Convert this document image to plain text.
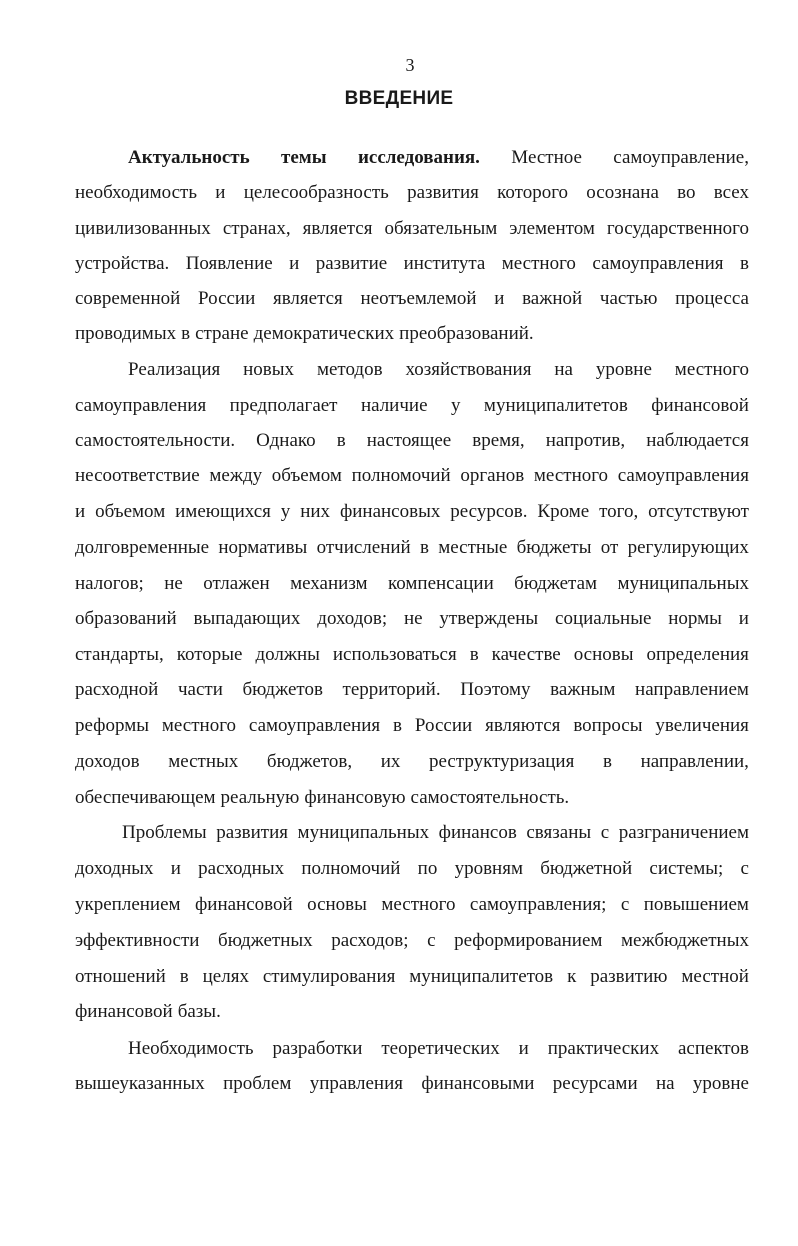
3
ВВЕДЕНИЕ
Актуальность темы исследования. Местное самоуправление,
необходимость и целесообразность развития которого осознана во всех
цивилизованных странах, является обязательным элементом государственного
устройства. Появление и развитие института местного самоуправления в
современной России является неотъемлемой и важной частью процесса
проводимых в стране демократических преобразований.
Реализация новых методов хозяйствования на уровне местного
самоуправления предполагает наличие у муниципалитетов финансовой
самостоятельности. Однако в настоящее время, напротив, наблюдается
несоответствие между объемом полномочий органов местного самоуправления
и объемом имеющихся у них финансовых ресурсов. Кроме того, отсутствуют
долговременные нормативы отчислений в местные бюджеты от регулирующих
налогов; не отлажен механизм компенсации бюджетам муниципальных
образований выпадающих доходов; не утверждены социальные нормы и
стандарты, которые должны использоваться в качестве основы определения
расходной части бюджетов территорий. Поэтому важным направлением
реформы местного самоуправления в России являются вопросы увеличения
доходов местных бюджетов, их реструктуризация в направлении,
обеспечивающем реальную финансовую самостоятельность.
Проблемы развития муниципальных финансов связаны с разграничением
доходных и расходных полномочий по уровням бюджетной системы; с
укреплением финансовой основы местного самоуправления; с повышением
эффективности бюджетных расходов; с реформированием межбюджетных
отношений в целях стимулирования муниципалитетов к развитию местной
финансовой базы.
Необходимость разработки теоретических и практических аспектов
вышеуказанных проблем управления финансовыми ресурсами на уровне
